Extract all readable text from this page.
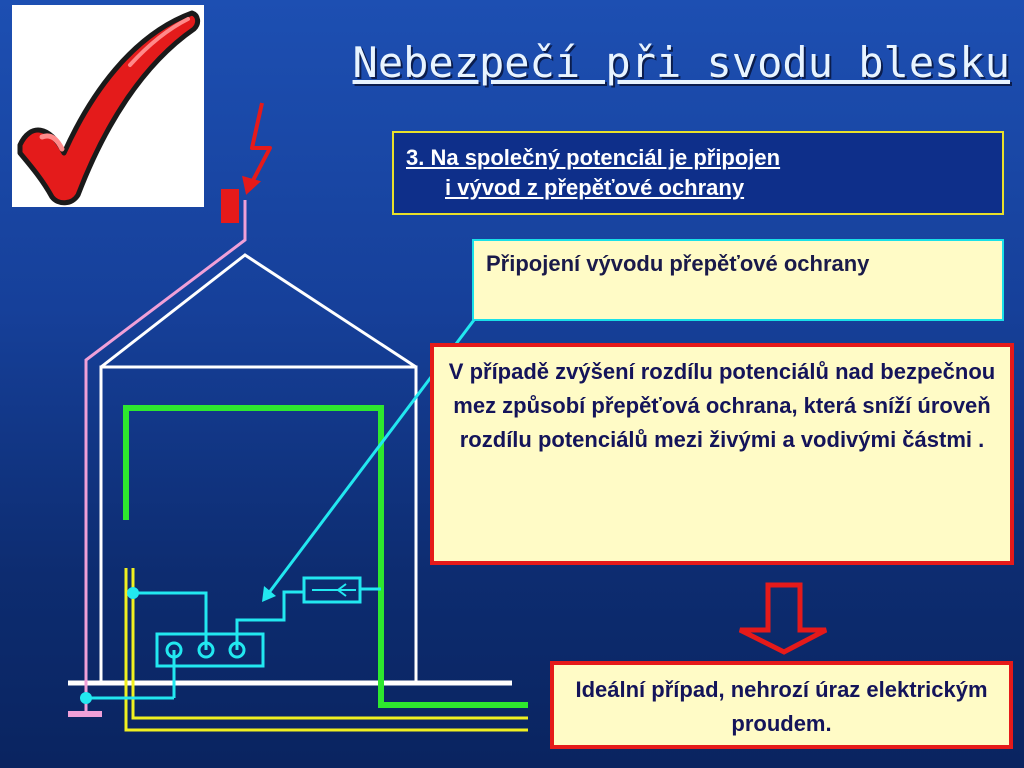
Nebezpečí při svodu blesku
3. Na společný potenciál je připojen
i vývod z přepěťové ochrany
Připojení vývodu přepěťové ochrany
V případě zvýšení rozdílu potenciálů nad bezpečnou mez způsobí přepěťová ochrana, která sníží úroveň rozdílu potenciálů mezi živými a vodivými částmi .
Ideální případ, nehrozí úraz elektrickým proudem.
